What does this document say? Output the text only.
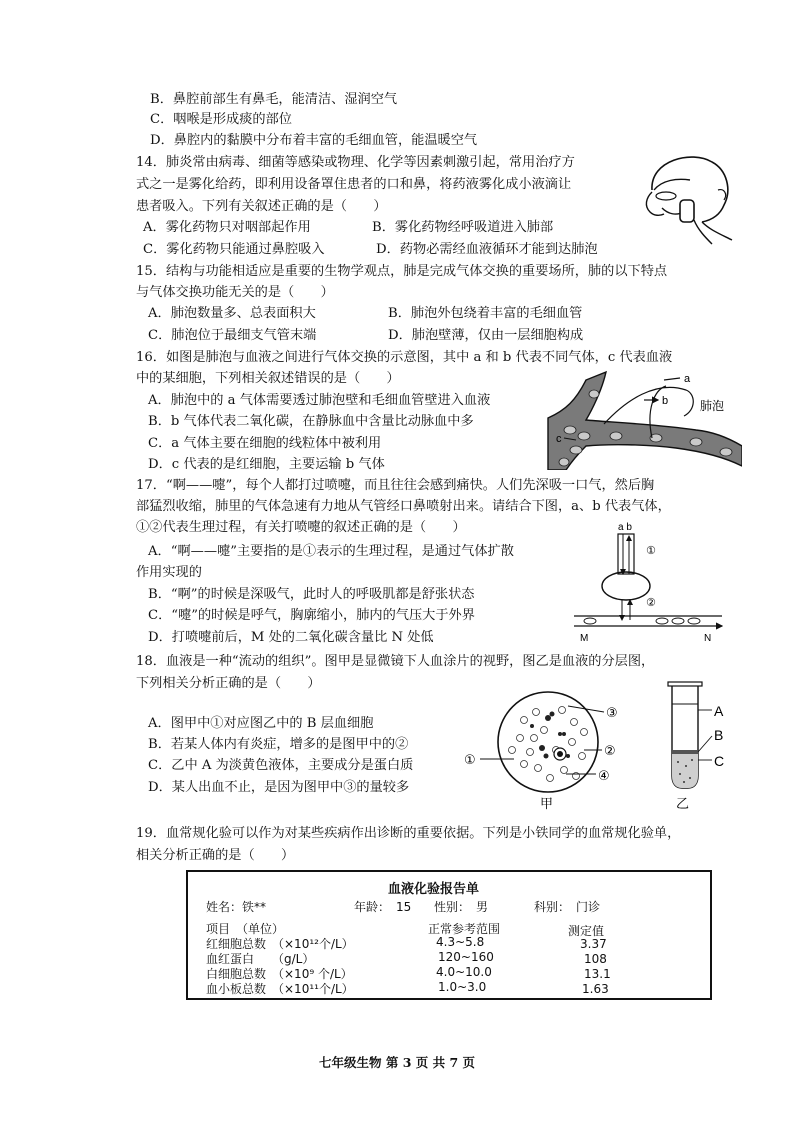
B．鼻腔前部生有鼻毛，能清洁、湿润空气
C．咽喉是形成痰的部位
D．鼻腔内的黏膜中分布着丰富的毛细血管，能温暖空气
14．肺炎常由病毒、细菌等感染或物理、化学等因素刺激引起，常用治疗方
式之一是雾化给药，即利用设备罩住患者的口和鼻，将药液雾化成小液滴让
患者吸入。下列有关叙述正确的是（　　）
A．雾化药物只对咽部起作用	B．雾化药物经呼吸道进入肺部
C．雾化药物只能通过鼻腔吸入	D．药物必需经血液循环才能到达肺泡
15．结构与功能相适应是重要的生物学观点，肺是完成气体交换的重要场所，肺的以下特点
与气体交换功能无关的是（　　）
A．肺泡数量多、总表面积大	B．肺泡外包绕着丰富的毛细血管
C．肺泡位于最细支气管末端	D．肺泡壁薄，仅由一层细胞构成
16．如图是肺泡与血液之间进行气体交换的示意图，其中 a 和 b 代表不同气体，c 代表血液
中的某细胞，下列相关叙述错误的是（　　）
A．肺泡中的 a 气体需要透过肺泡壁和毛细血管壁进入血液
B．b 气体代表二氧化碳，在静脉血中含量比动脉血中多
C．a 气体主要在细胞的线粒体中被利用
D．c 代表的是红细胞，主要运输 b 气体
a
b
c
肺泡
17．“啊——嚏”，每个人都打过喷嚏，而且往往会感到痛快。人们先深吸一口气，然后胸
部猛烈收缩，肺里的气体急速有力地从气管经口鼻喷射出来。请结合下图，a、b 代表气体，
①②代表生理过程，有关打喷嚏的叙述正确的是（　　）
A．“啊——嚏”主要指的是①表示的生理过程，是通过气体扩散
作用实现的
B．“啊”的时候是深吸气，此时人的呼吸肌都是舒张状态
C．“嚏”的时候是呼气，胸廓缩小，肺内的气压大于外界
D．打喷嚏前后，M 处的二氧化碳含量比 N 处低
a b
①
②
M	N
18．血液是一种“流动的组织”。图甲是显微镜下人血涂片的视野，图乙是血液的分层图，
下列相关分析正确的是（　　）
A．图甲中①对应图乙中的 B 层血细胞
B．若某人体内有炎症，增多的是图甲中的②
C．乙中 A 为淡黄色液体，主要成分是蛋白质
D．某人出血不止，是因为图甲中③的量较多
③
②
④
①
甲
A
B
C
乙
19．血常规化验可以作为对某些疾病作出诊断的重要依据。下列是小铁同学的血常规化验单，
相关分析正确的是（　　）
血液化验报告单
姓名：铁**	年龄：　15 性别：　男	科别：　门诊
项目　（单位）	正常参考范围	测定值
红细胞总数　（×10¹²个/L）	4.3~5.8	3.37
血红蛋白　　（g/L）	120~160	108
白细胞总数　（×10⁹ 个/L）	4.0~10.0	13.1
血小板总数　（×10¹¹个/L）	1.0~3.0	1.63
七年级生物 第 3 页 共 7 页
